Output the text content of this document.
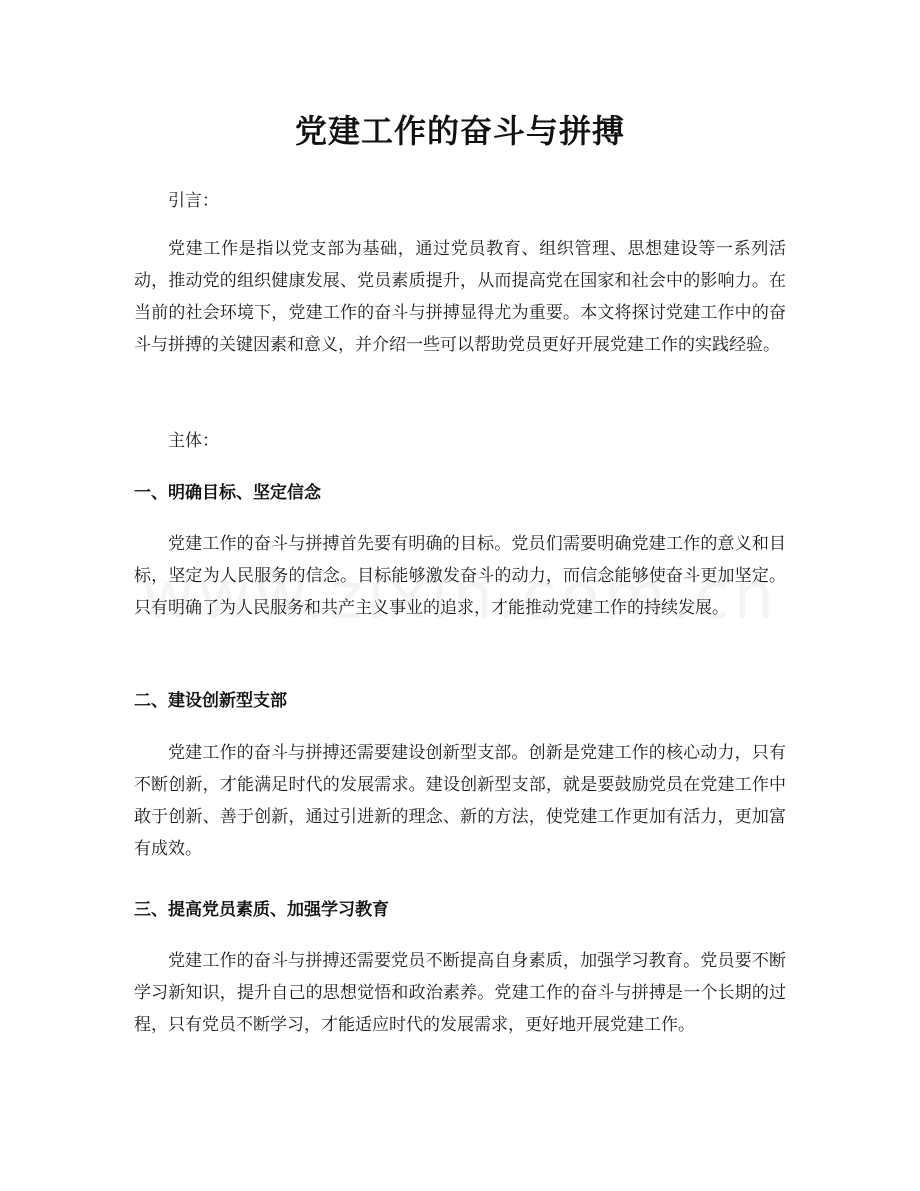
党建工作的奋斗与拼搏

引言：

党建工作是指以党支部为基础，通过党员教育、组织管理、思想建设等一系列活动，推动党的组织健康发展、党员素质提升，从而提高党在国家和社会中的影响力。在当前的社会环境下，党建工作的奋斗与拼搏显得尤为重要。本文将探讨党建工作中的奋斗与拼搏的关键因素和意义，并介绍一些可以帮助党员更好开展党建工作的实践经验。

主体：

一、明确目标、坚定信念

党建工作的奋斗与拼搏首先要有明确的目标。党员们需要明确党建工作的意义和目标，坚定为人民服务的信念。目标能够激发奋斗的动力，而信念能够使奋斗更加坚定。只有明确了为人民服务和共产主义事业的追求，才能推动党建工作的持续发展。

二、建设创新型支部

党建工作的奋斗与拼搏还需要建设创新型支部。创新是党建工作的核心动力，只有不断创新，才能满足时代的发展需求。建设创新型支部，就是要鼓励党员在党建工作中敢于创新、善于创新，通过引进新的理念、新的方法，使党建工作更加有活力，更加富有成效。

三、提高党员素质、加强学习教育

党建工作的奋斗与拼搏还需要党员不断提高自身素质，加强学习教育。党员要不断学习新知识，提升自己的思想觉悟和政治素养。党建工作的奋斗与拼搏是一个长期的过程，只有党员不断学习，才能适应时代的发展需求，更好地开展党建工作。
